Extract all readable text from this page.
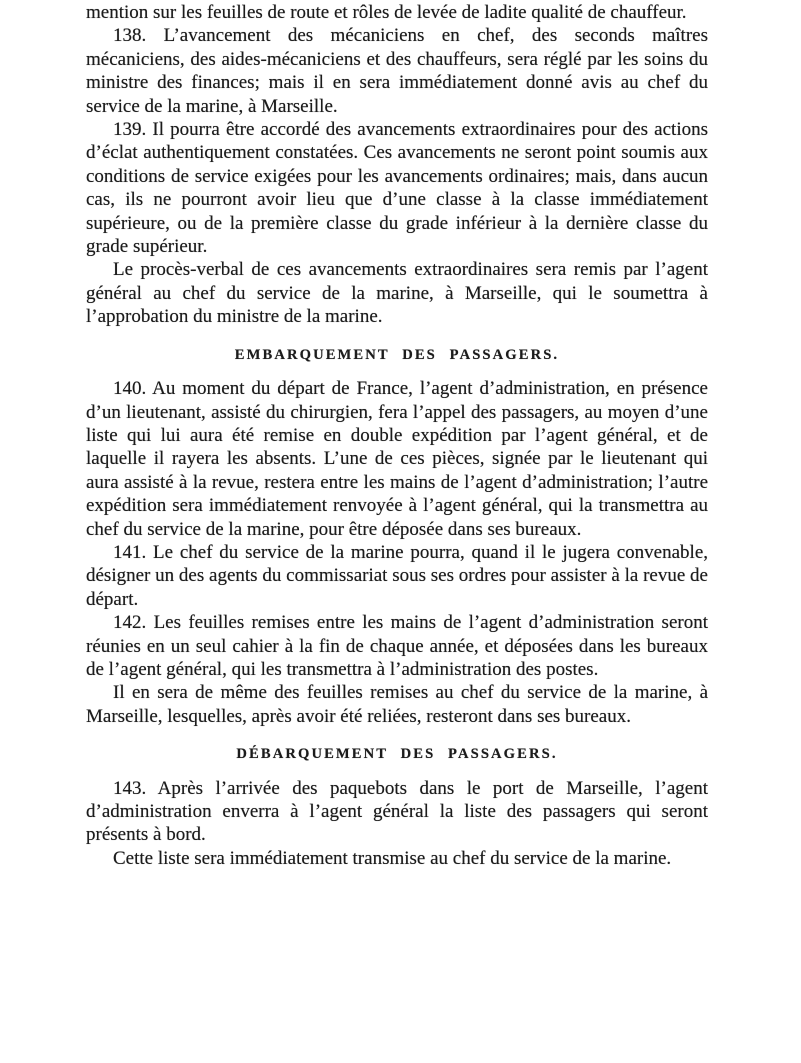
mention sur les feuilles de route et rôles de levée de ladite qualité de chauffeur.

138. L’avancement des mécaniciens en chef, des seconds maîtres mécaniciens, des aides-mécaniciens et des chauffeurs, sera réglé par les soins du ministre des finances; mais il en sera immédiatement donné avis au chef du service de la marine, à Marseille.

139. Il pourra être accordé des avancements extraordinaires pour des actions d’éclat authentiquement constatées. Ces avancements ne seront point soumis aux conditions de service exigées pour les avancements ordinaires; mais, dans aucun cas, ils ne pourront avoir lieu que d’une classe à la classe immédiatement supérieure, ou de la première classe du grade inférieur à la dernière classe du grade supérieur.

Le procès-verbal de ces avancements extraordinaires sera remis par l’agent général au chef du service de la marine, à Marseille, qui le soumettra à l’approbation du ministre de la marine.

EMBARQUEMENT DES PASSAGERS.

140. Au moment du départ de France, l’agent d’administration, en présence d’un lieutenant, assisté du chirurgien, fera l’appel des passagers, au moyen d’une liste qui lui aura été remise en double expédition par l’agent général, et de laquelle il rayera les absents. L’une de ces pièces, signée par le lieutenant qui aura assisté à la revue, restera entre les mains de l’agent d’administration; l’autre expédition sera immédiatement renvoyée à l’agent général, qui la transmettra au chef du service de la marine, pour être déposée dans ses bureaux.

141. Le chef du service de la marine pourra, quand il le jugera convenable, désigner un des agents du commissariat sous ses ordres pour assister à la revue de départ.

142. Les feuilles remises entre les mains de l’agent d’administration seront réunies en un seul cahier à la fin de chaque année, et déposées dans les bureaux de l’agent général, qui les transmettra à l’administration des postes.

Il en sera de même des feuilles remises au chef du service de la marine, à Marseille, lesquelles, après avoir été reliées, resteront dans ses bureaux.

DÉBARQUEMENT DES PASSAGERS.

143. Après l’arrivée des paquebots dans le port de Marseille, l’agent d’administration enverra à l’agent général la liste des passagers qui seront présents à bord.

Cette liste sera immédiatement transmise au chef du service de la marine.
